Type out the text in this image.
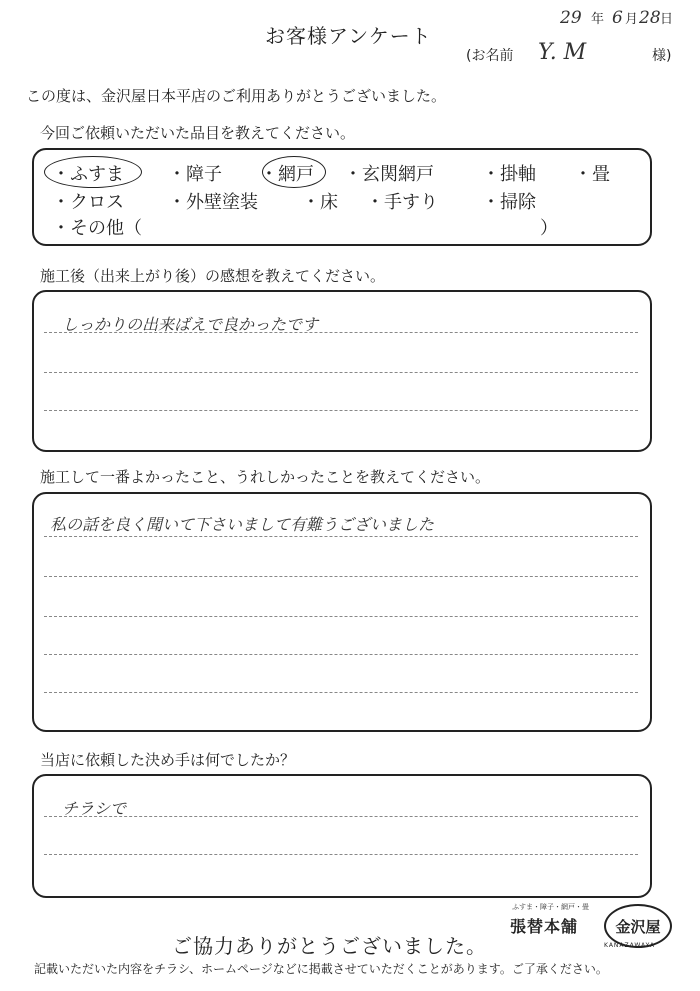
お客様アンケート
29 年 6 月 28 日
(お名前 Y. M	様)
この度は、金沢屋日本平店のご利用ありがとうございました。
今回ご依頼いただいた品目を教えてください。
・ふすま ・障子 ・網戸 ・玄関網戸	・掛軸 ・畳
・クロス ・外壁塗装 ・床 ・手すり ・掃除
・その他（	）
施工後（出来上がり後）の感想を教えてください。
しっかりの出来ばえで良かったです
施工して一番よかったこと、うれしかったことを教えてください。
私の話を良く聞いて下さいまして有難うございました
当店に依頼した決め手は何でしたか？
チラシで
ご協力ありがとうございました。
記載いただいた内容をチラシ、ホームページなどに掲載させていただくことがあります。ご了承ください。
ふすま・障子・網戸・畳
張替本舗	金沢屋
KANAZAWAYA
